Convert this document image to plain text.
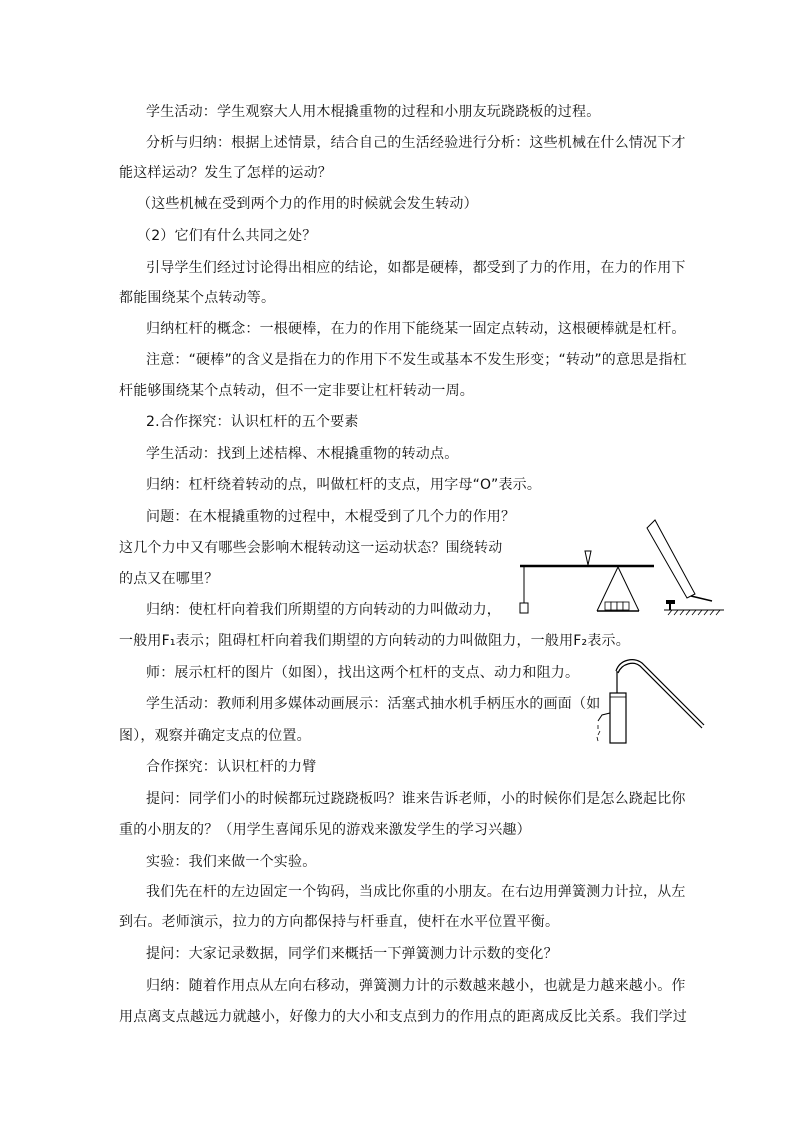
学生活动：学生观察大人用木棍撬重物的过程和小朋友玩跷跷板的过程。
分析与归纳：根据上述情景，结合自己的生活经验进行分析：这些机械在什么情况下才
能这样运动？发生了怎样的运动？
（这些机械在受到两个力的作用的时候就会发生转动）
（2）它们有什么共同之处？
引导学生们经过讨论得出相应的结论，如都是硬棒，都受到了力的作用，在力的作用下
都能围绕某个点转动等。
归纳杠杆的概念：一根硬棒，在力的作用下能绕某一固定点转动，这根硬棒就是杠杆。
注意：“硬棒”的含义是指在力的作用下不发生或基本不发生形变；“转动”的意思是指杠
杆能够围绕某个点转动，但不一定非要让杠杆转动一周。
2.合作探究：认识杠杆的五个要素
学生活动：找到上述桔槔、木棍撬重物的转动点。
归纳：杠杆绕着转动的点，叫做杠杆的支点，用字母“O”表示。
问题：在木棍撬重物的过程中，木棍受到了几个力的作用？
这几个力中又有哪些会影响木棍转动这一运动状态？围绕转动
的点又在哪里？
归纳：使杠杆向着我们所期望的方向转动的力叫做动力，
一般用F₁表示；阻碍杠杆向着我们期望的方向转动的力叫做阻力，一般用F₂表示。
师：展示杠杆的图片（如图），找出这两个杠杆的支点、动力和阻力。
学生活动：教师利用多媒体动画展示：活塞式抽水机手柄压水的画面（如
图），观察并确定支点的位置。
合作探究：认识杠杆的力臂
提问：同学们小的时候都玩过跷跷板吗？谁来告诉老师，小的时候你们是怎么跷起比你
重的小朋友的？（用学生喜闻乐见的游戏来激发学生的学习兴趣）
实验：我们来做一个实验。
我们先在杆的左边固定一个钩码，当成比你重的小朋友。在右边用弹簧测力计拉，从左
到右。老师演示，拉力的方向都保持与杆垂直，使杆在水平位置平衡。
提问：大家记录数据，同学们来概括一下弹簧测力计示数的变化？
归纳：随着作用点从左向右移动，弹簧测力计的示数越来越小，也就是力越来越小。作
用点离支点越远力就越小，好像力的大小和支点到力的作用点的距离成反比关系。我们学过
